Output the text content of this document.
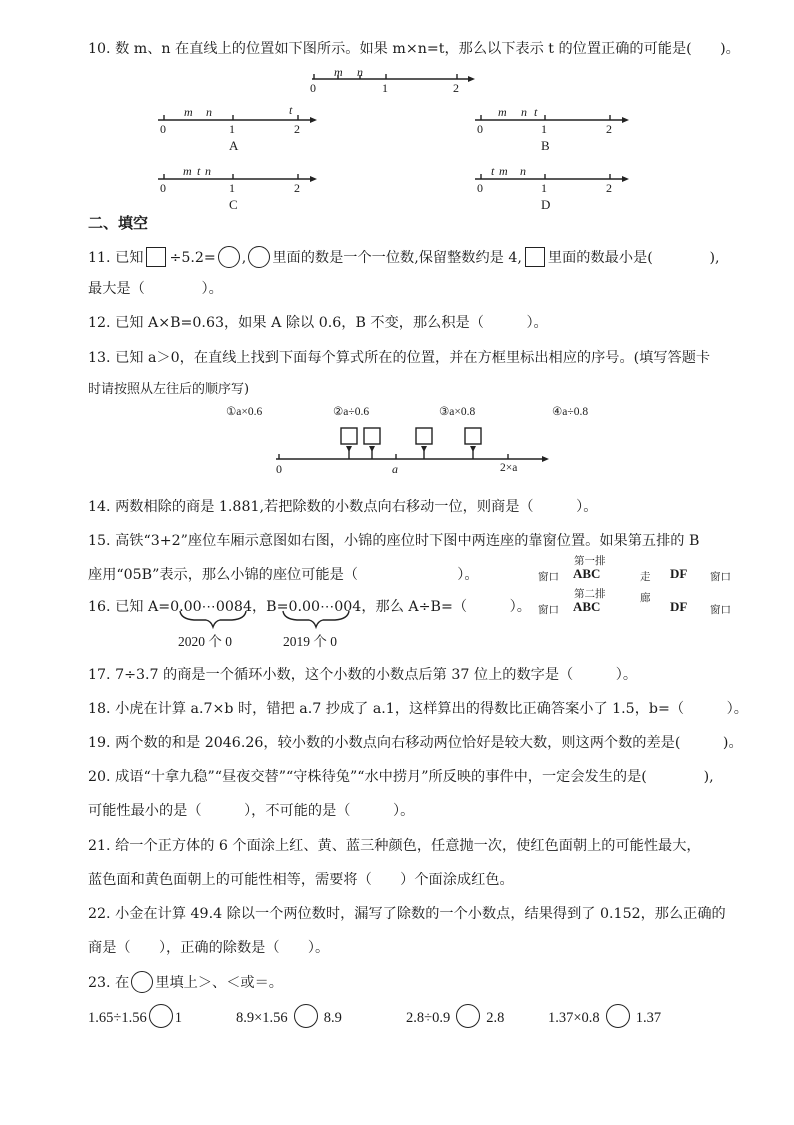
10. 数 m、n 在直线上的位置如下图所示。如果 m×n=t，那么以下表示 t 的位置正确的可能是(　　)。
m n
0	1	2
m n	t
0	1	2
A
m n t
0	1	2
B
m t n
0	1	2
C
t m n
0	1	2
D
二、填空
11. 已知 ÷5.2= , 里面的数是一个一位数,保留整数约是 4, 里面的数最小是(　　　　),
最大是（　　　　）。
12. 已知 A×B=0.63，如果 A 除以 0.6，B 不变，那么积是（　　　）。
13. 已知 a＞0，在直线上找到下面每个算式所在的位置，并在方框里标出相应的序号。(填写答题卡
时请按照从左往后的顺序写)
①a×0.6	②a÷0.6	③a×0.8	④a÷0.8
0	a	2×a
14. 两数相除的商是 1.881,若把除数的小数点向右移动一位，则商是（　　　）。
15. 高铁“3+2”座位车厢示意图如右图，小锦的座位时下图中两连座的靠窗位置。如果第五排的 B
座用“05B”表示，那么小锦的座位可能是（　　　　　　　）。
第一排
窗口 ABC	走 DF 窗口
第二排
窗口 ABC
廊
DF 窗口
16. 已知 A=0.00⋯0084，B=0.00⋯004，那么 A÷B=（　　　）。
2020 个 0	2019 个 0
17. 7÷3.7 的商是一个循环小数，这个小数的小数点后第 37 位上的数字是（　　　）。
18. 小虎在计算 a.7×b 时，错把 a.7 抄成了 a.1，这样算出的得数比正确答案小了 1.5，b=（　　　）。
19. 两个数的和是 2046.26，较小数的小数点向右移动两位恰好是较大数，则这两个数的差是(　　　)。
20. 成语“十拿九稳”“昼夜交替”“守株待兔”“水中捞月”所反映的事件中，一定会发生的是(　　　　),
可能性最小的是（　　　），不可能的是（　　　）。
21. 给一个正方体的 6 个面涂上红、黄、蓝三种颜色，任意抛一次，使红色面朝上的可能性最大，
蓝色面和黄色面朝上的可能性相等，需要将（　　）个面涂成红色。
22. 小金在计算 49.4 除以一个两位数时，漏写了除数的一个小数点，结果得到了 0.152，那么正确的
商是（　　），正确的除数是（　　）。
23. 在 里填上＞、＜或＝。
1.65÷1.56 1	8.9×1.56 8.9	2.8÷0.9 2.8	1.37×0.8 1.37
